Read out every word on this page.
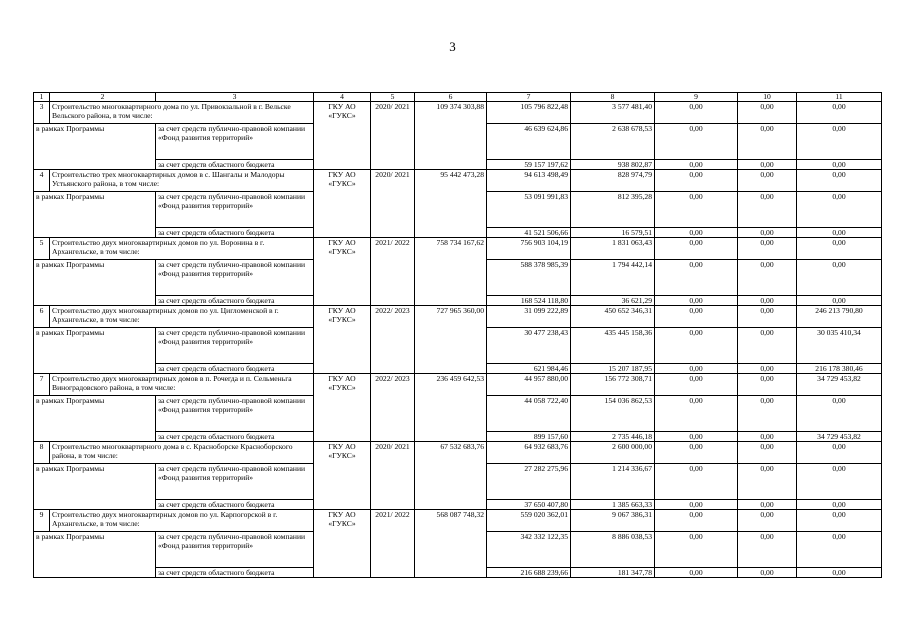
3
1	2	3	4	5	6	7	8	9	10	11
3	Строительство многоквартирного дома по ул. Привокзальной в г. Вельске Вельского района, в том числе:		ГКУ АО «ГУКС»	2020/ 2021	109 374 303,88	105 796 822,48	3 577 481,40	0,00	0,00	0,00
в рамках Программы		за счет средств публично-правовой компании «Фонд развития территорий»				46 639 624,86	2 638 678,53	0,00	0,00	0,00
		за счет средств областного бюджета				59 157 197,62	938 802,87	0,00	0,00	0,00
4	Строительство трех многоквартирных домов в с. Шангалы и Малодоры Устьянского района, в том числе:		ГКУ АО «ГУКС»	2020/ 2021	95 442 473,28	94 613 498,49	828 974,79	0,00	0,00	0,00
в рамках Программы		за счет средств публично-правовой компании «Фонд развития территорий»				53 091 991,83	812 395,28	0,00	0,00	0,00
		за счет средств областного бюджета				41 521 506,66	16 579,51	0,00	0,00	0,00
5	Строительство двух многоквартирных домов по ул. Воронина в г. Архангельске, в том числе:		ГКУ АО «ГУКС»	2021/ 2022	758 734 167,62	756 903 104,19	1 831 063,43	0,00	0,00	0,00
в рамках Программы		за счет средств публично-правовой компании «Фонд развития территорий»				588 378 985,39	1 794 442,14	0,00	0,00	0,00
		за счет средств областного бюджета				168 524 118,80	36 621,29	0,00	0,00	0,00
6	Строительство двух многоквартирных домов по ул. Цигломенской в г. Архангельске, в том числе:		ГКУ АО «ГУКС»	2022/ 2023	727 965 360,00	31 099 222,89	450 652 346,31	0,00	0,00	246 213 790,80
в рамках Программы		за счет средств публично-правовой компании «Фонд развития территорий»				30 477 238,43	435 445 158,36	0,00	0,00	30 035 410,34
		за счет средств областного бюджета				621 984,46	15 207 187,95	0,00	0,00	216 178 380,46
7	Строительство двух многоквартирных домов в п. Рочегда и п. Сельменьга Виноградовского района, в том числе:		ГКУ АО «ГУКС»	2022/ 2023	236 459 642,53	44 957 880,00	156 772 308,71	0,00	0,00	34 729 453,82
в рамках Программы		за счет средств публично-правовой компании «Фонд развития территорий»				44 058 722,40	154 036 862,53	0,00	0,00	0,00
		за счет средств областного бюджета				899 157,60	2 735 446,18	0,00	0,00	34 729 453,82
8	Строительство многоквартирного дома в с. Красноборске Красноборского района, в том числе:		ГКУ АО «ГУКС»	2020/ 2021	67 532 683,76	64 932 683,76	2 600 000,00	0,00	0,00	0,00
в рамках Программы		за счет средств публично-правовой компании «Фонд развития территорий»				27 282 275,96	1 214 336,67	0,00	0,00	0,00
		за счет средств областного бюджета				37 650 407,80	1 385 663,33	0,00	0,00	0,00
9	Строительство двух многоквартирных домов по ул. Карпогорской в г. Архангельске, в том числе:		ГКУ АО «ГУКС»	2021/ 2022	568 087 748,32	559 020 362,01	9 067 386,31	0,00	0,00	0,00
в рамках Программы		за счет средств публично-правовой компании «Фонд развития территорий»				342 332 122,35	8 886 038,53	0,00	0,00	0,00
		за счет средств областного бюджета				216 688 239,66	181 347,78	0,00	0,00	0,00
